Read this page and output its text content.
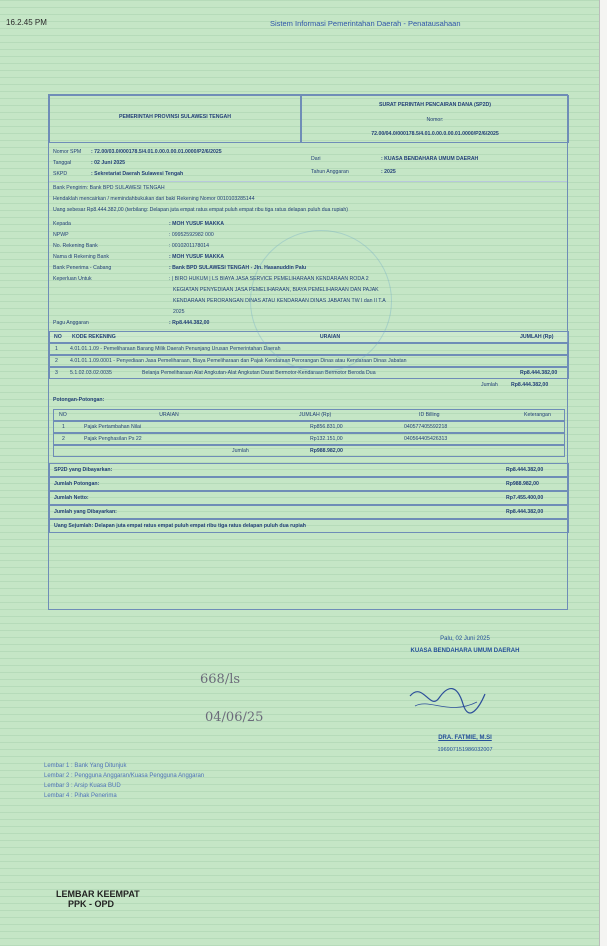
16.2.45 PM	Sistem Informasi Pemerintahan Daerah - Penatausahaan
PEMERINTAH PROVINSI SULAWESI TENGAH
SURAT PERINTAH PENCAIRAN DANA (SP2D)
Nomor:
72.00/04.0/000178.5/4.01.0.00.0.00.01.0000/P2/6/2025
Nomor SPM : 72.00/03.0/000178.5/4.01.0.00.0.00.01.0000/P2/6/2025
Tanggal	: 02 Juni 2025
SKPD	: Sekretariat Daerah Sulawesi Tengah
Dari	: KUASA BENDAHARA UMUM DAERAH
Tahun Anggaran	: 2025
Bank Pengirim: Bank BPD SULAWESI TENGAH
Hendaklah mencairkan / memindahbukukan dari baki Rekening Nomor 0010103285144
Uang sebesar Rp8.444.382,00 (terbilang: Delapan juta empat ratus empat puluh empat ribu tiga ratus delapan puluh dua rupiah)
Kepada	: MOH YUSUF MAKKA
NPWP	: 09952592982 000
No. Rekening Bank	: 0010201178014
Nama di Rekening Bank	: MOH YUSUF MAKKA
Bank Penerima - Cabang	: Bank BPD SULAWESI TENGAH - Jln. Hasanuddin Palu
Keperluan Untuk	: | BIRO HUKUM | LS BIAYA JASA SERVICE PEMELIHARAAN KENDARAAN RODA 2
KEGIATAN PENYEDIAAN JASA PEMELIHARAAN, BIAYA PEMELIHARAAN DAN PAJAK
KENDARAAN PERORANGAN DINAS ATAU KENDARAAN DINAS JABATAN TW I dan II T.A
2025
Pagu Anggaran	: Rp8.444.382,00
NO KODE REKENING	URAIAN	JUMLAH (Rp)
1 4.01.01.1.09 - Pemeliharaan Barang Milik Daerah Penunjang Urusan Pemerintahan Daerah
2 4.01.01.1.09.0001 - Penyediaan Jasa Pemeliharaan, Biaya Pemeliharaan dan Pajak Kendaraan Perorangan Dinas atau Kendaraan Dinas Jabatan
3 5.1.02.03.02.0035	Belanja Pemeliharaan Alat Angkutan-Alat Angkutan Darat Bermotor-Kendaraan Bermotor Beroda Dua	Rp8.444.382,00
Jumlah	Rp8.444.382,00
Potongan-Potongan:
NO	URAIAN	JUMLAH (Rp)	ID Billing	Keterangan
1	Pajak Pertambahan Nilai	Rp856.831,00	040577405592218
2	Pajak Penghasilan Ps 22	Rp132.151,00	040564405426313
Jumlah	Rp988.982,00
SP2D yang Dibayarkan:	Rp8.444.382,00
Jumlah Potongan:	Rp988.982,00
Jumlah Netto:	Rp7.455.400,00
Jumlah yang Dibayarkan:	Rp8.444.382,00
Uang Sejumlah: Delapan juta empat ratus empat puluh empat ribu tiga ratus delapan puluh dua rupiah
Palu, 02 Juni 2025
KUASA BENDAHARA UMUM DAERAH
DRA. FATMIE, M.SI
196907151986032007
668/ls
04/06/25
Lembar 1 : Bank Yang Ditunjuk
Lembar 2 : Pengguna Anggaran/Kuasa Pengguna Anggaran
Lembar 3 : Arsip Kuasa BUD
Lembar 4 : Pihak Penerima
LEMBAR KEEMPAT
PPK - OPD
